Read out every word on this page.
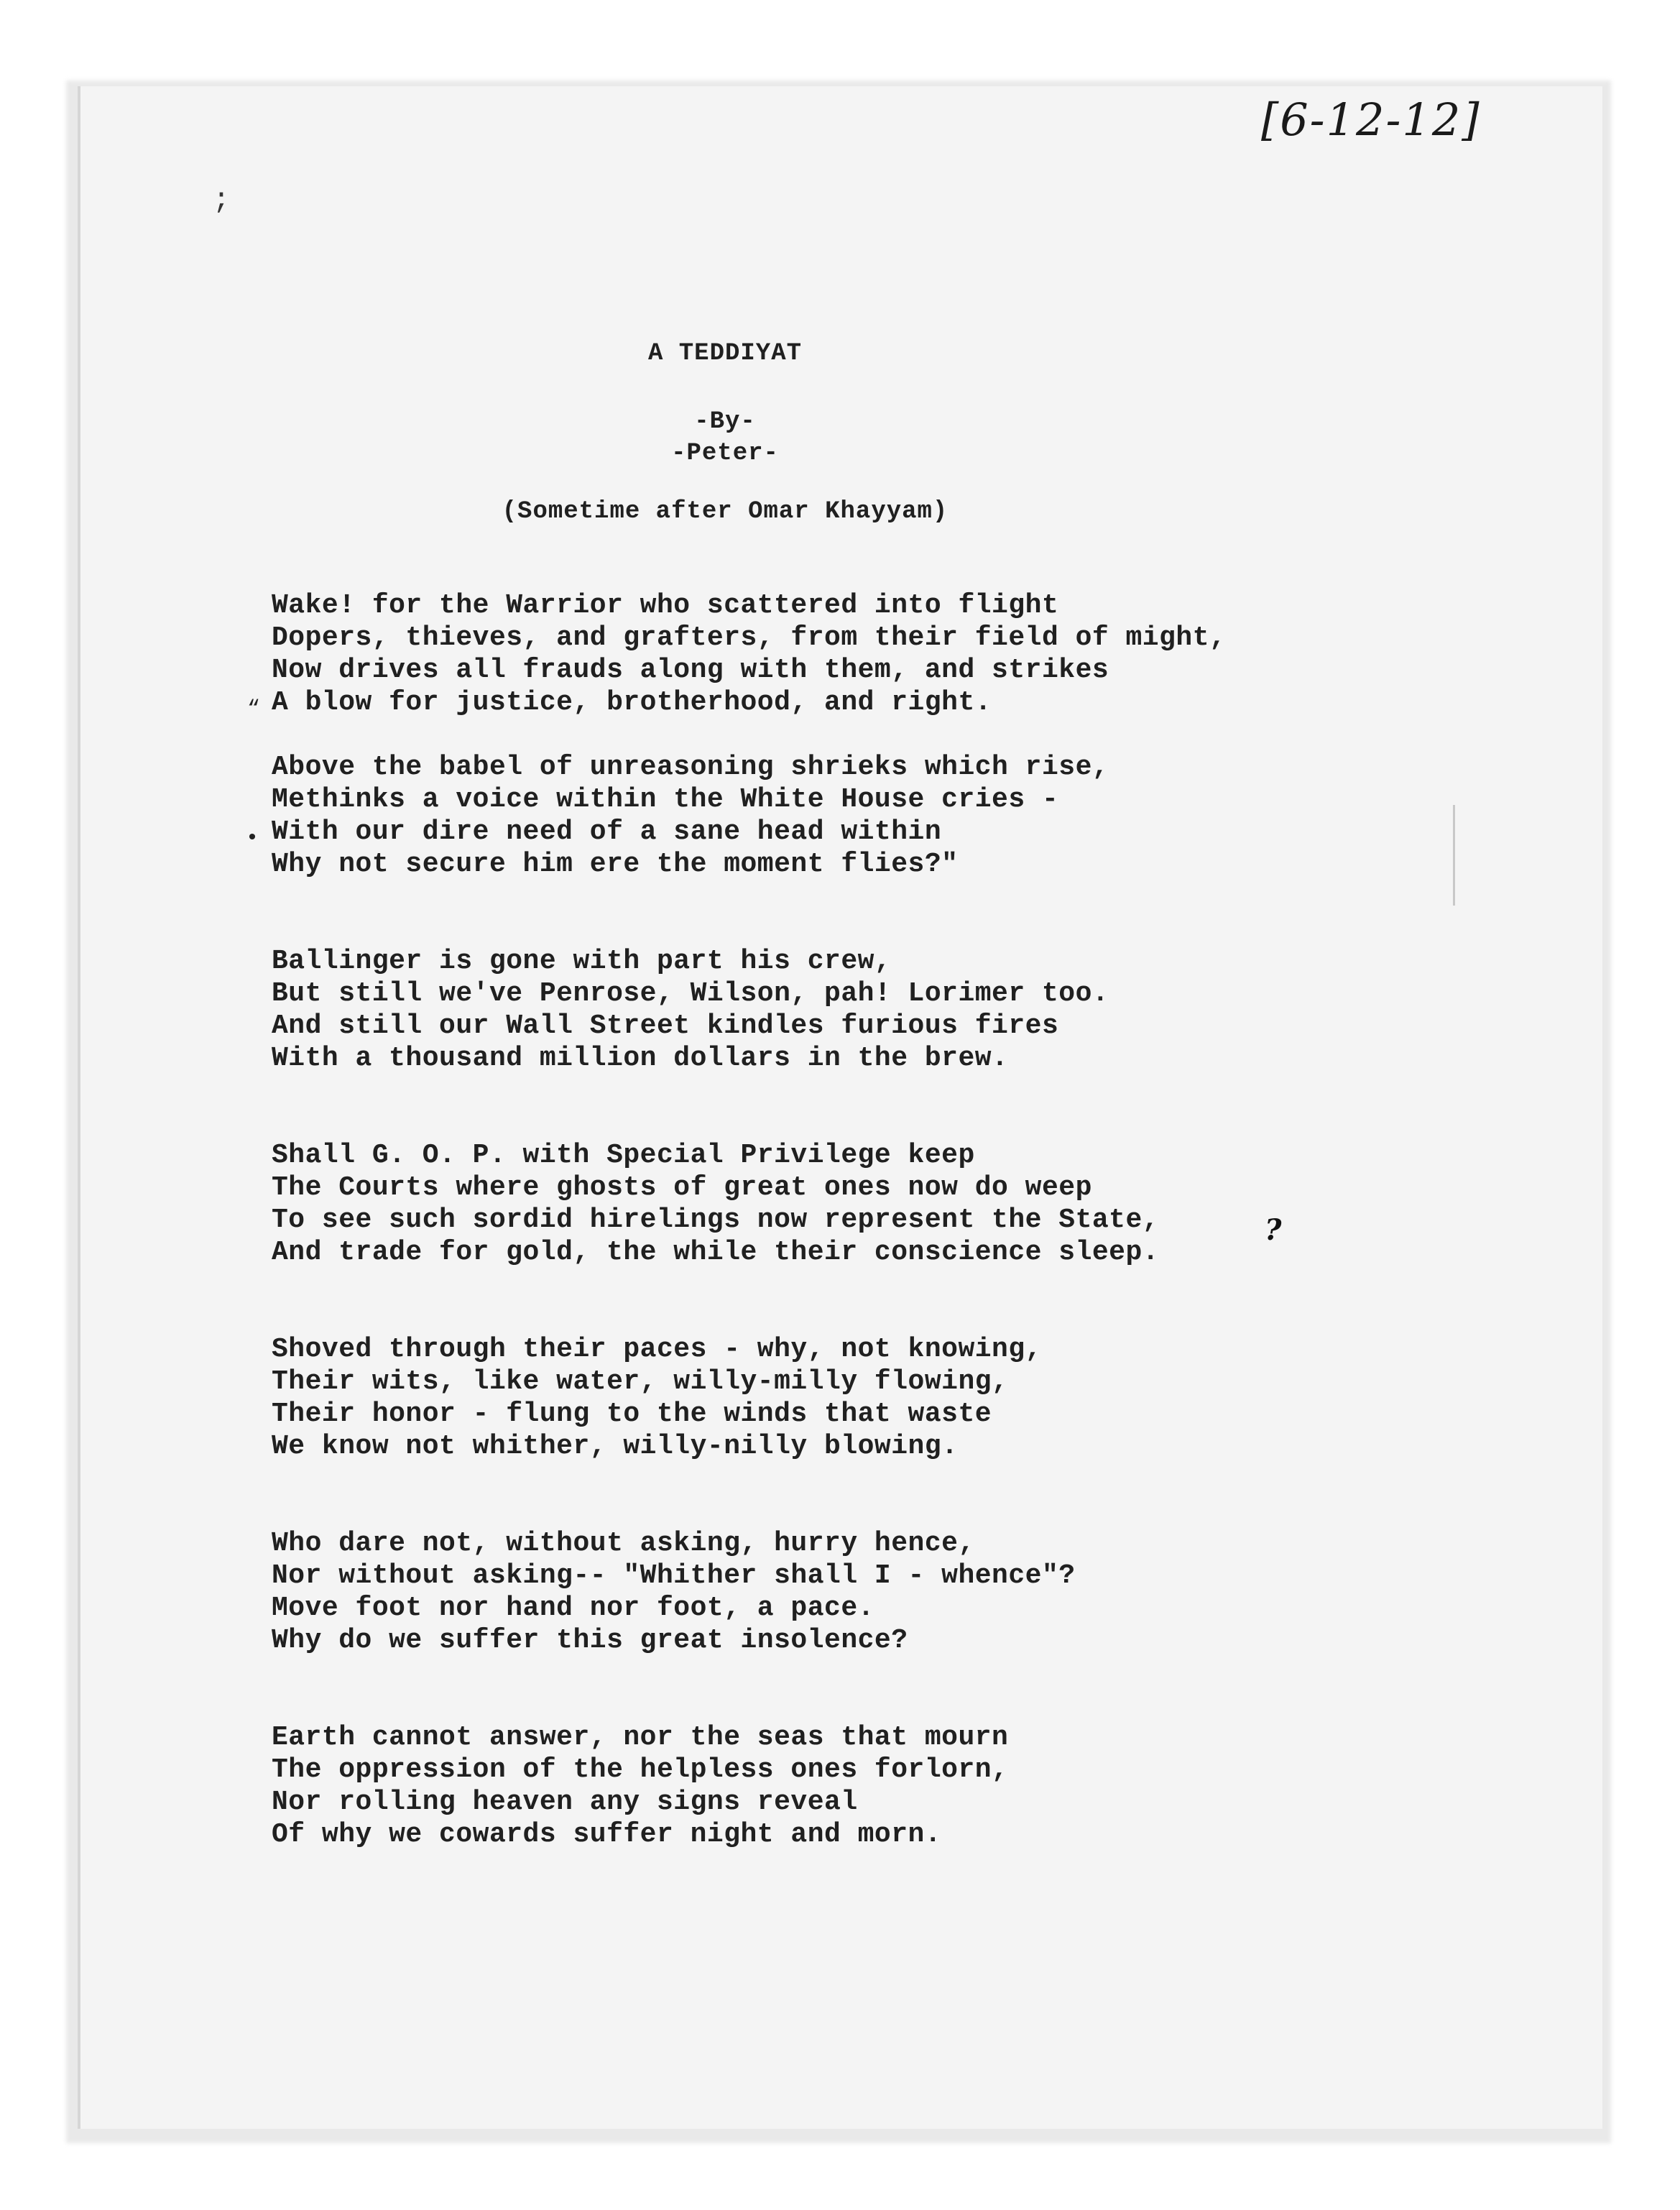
[6-12-12]
;
A TEDDIYAT
-By-
-Peter-
(Sometime after Omar Khayyam)
Wake! for the Warrior who scattered into flight
Dopers, thieves, and grafters, from their field of might,
Now drives all frauds along with them, and strikes
A blow for justice, brotherhood, and right.
Above the babel of unreasoning shrieks which rise,
Methinks a voice within the White House cries -
With our dire need of a sane head within
Why not secure him ere the moment flies?"
Ballinger is gone with part his crew,
But still we've Penrose, Wilson, pah! Lorimer too.
And still our Wall Street kindles furious fires
With a thousand million dollars in the brew.
Shall G. O. P. with Special Privilege keep
The Courts where ghosts of great ones now do weep
To see such sordid hirelings now represent the State,
And trade for gold, the while their conscience sleep.
Shoved through their paces - why, not knowing,
Their wits, like water, willy-milly flowing,
Their honor - flung to the winds that waste
We know not whither, willy-nilly blowing.
Who dare not, without asking, hurry hence,
Nor without asking-- "Whither shall I - whence"?
Move foot nor hand nor foot, a pace.
Why do we suffer this great insolence?
Earth cannot answer, nor the seas that mourn
The oppression of the helpless ones forlorn,
Nor rolling heaven any signs reveal
Of why we cowards suffer night and morn.
“
•
?
